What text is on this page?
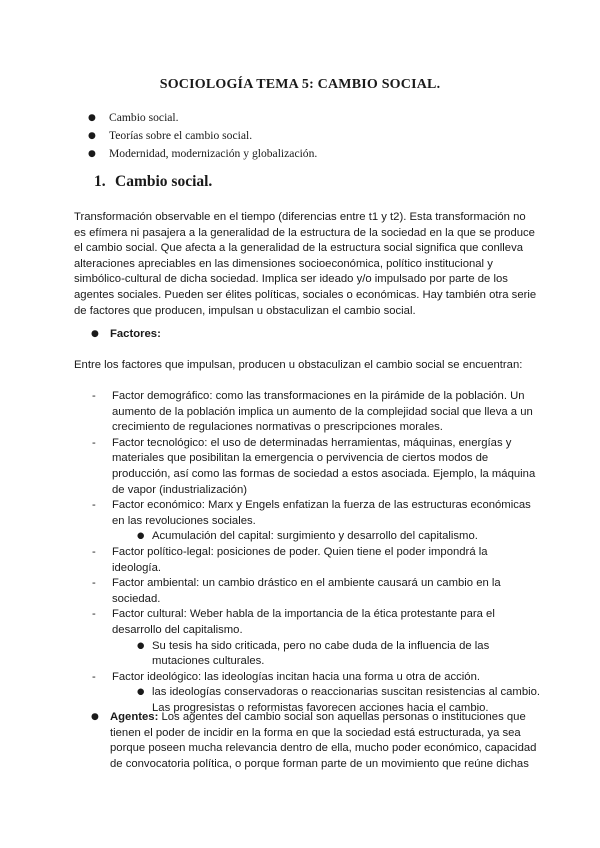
SOCIOLOGÍA TEMA 5: CAMBIO SOCIAL.
● Cambio social.
● Teorías sobre el cambio social.
● Modernidad, modernización y globalización.
1. Cambio social.
Transformación observable en el tiempo (diferencias entre t1 y t2). Esta transformación no
es efímera ni pasajera a la generalidad de la estructura de la sociedad en la que se produce
el cambio social. Que afecta a la generalidad de la estructura social significa que conlleva
alteraciones apreciables en las dimensiones socioeconómica, político institucional y
simbólico-cultural de dicha sociedad. Implica ser ideado y/o impulsado por parte de los
agentes sociales. Pueden ser élites políticas, sociales o económicas. Hay también otra serie
de factores que producen, impulsan u obstaculizan el cambio social.
● Factores:
Entre los factores que impulsan, producen u obstaculizan el cambio social se encuentran:
- Factor demográfico: como las transformaciones en la pirámide de la población. Un
aumento de la población implica un aumento de la complejidad social que lleva a un
crecimiento de regulaciones normativas o prescripciones morales.
- Factor tecnológico: el uso de determinadas herramientas, máquinas, energías y
materiales que posibilitan la emergencia o pervivencia de ciertos modos de
producción, así como las formas de sociedad a estos asociada. Ejemplo, la máquina
de vapor (industrialización)
- Factor económico: Marx y Engels enfatizan la fuerza de las estructuras económicas
en las revoluciones sociales.
● Acumulación del capital: surgimiento y desarrollo del capitalismo.
- Factor político-legal: posiciones de poder. Quien tiene el poder impondrá la
ideología.
- Factor ambiental: un cambio drástico en el ambiente causará un cambio en la
sociedad.
- Factor cultural: Weber habla de la importancia de la ética protestante para el
desarrollo del capitalismo.
● Su tesis ha sido criticada, pero no cabe duda de la influencia de las
mutaciones culturales.
- Factor ideológico: las ideologías incitan hacia una forma u otra de acción.
● las ideologías conservadoras o reaccionarias suscitan resistencias al cambio.
Las progresistas o reformistas favorecen acciones hacia el cambio.
● Agentes: Los agentes del cambio social son aquellas personas o instituciones que
tienen el poder de incidir en la forma en que la sociedad está estructurada, ya sea
porque poseen mucha relevancia dentro de ella, mucho poder económico, capacidad
de convocatoria política, o porque forman parte de un movimiento que reúne dichas
